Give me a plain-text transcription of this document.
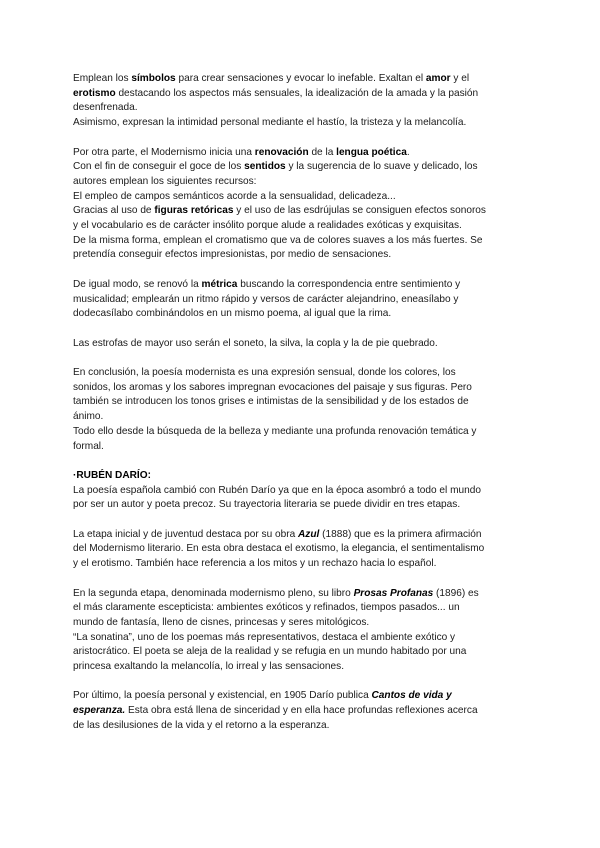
Emplean los símbolos para crear sensaciones y evocar lo inefable. Exaltan el amor y el
erotismo destacando los aspectos más sensuales, la idealización de la amada y la pasión
desenfrenada.
Asimismo, expresan la intimidad personal mediante el hastío, la tristeza y la melancolía.
Por otra parte, el Modernismo inicia una renovación de la lengua poética.
Con el fin de conseguir el goce de los sentidos y la sugerencia de lo suave y delicado, los
autores emplean los siguientes recursos:
El empleo de campos semánticos acorde a la sensualidad, delicadeza...
Gracias al uso de figuras retóricas y el uso de las esdrújulas se consiguen efectos sonoros
y el vocabulario es de carácter insólito porque alude a realidades exóticas y exquisitas.
De la misma forma, emplean el cromatismo que va de colores suaves a los más fuertes. Se
pretendía conseguir efectos impresionistas, por medio de sensaciones.
De igual modo, se renovó la métrica buscando la correspondencia entre sentimiento y
musicalidad; emplearán un ritmo rápido y versos de carácter alejandrino, eneasílabo y
dodecasílabo combinándolos en un mismo poema, al igual que la rima.
Las estrofas de mayor uso serán el soneto, la silva, la copla y la de pie quebrado.
En conclusión, la poesía modernista es una expresión sensual, donde los colores, los
sonidos, los aromas y los sabores impregnan evocaciones del paisaje y sus figuras. Pero
también se introducen los tonos grises e intimistas de la sensibilidad y de los estados de
ánimo.
Todo ello desde la búsqueda de la belleza y mediante una profunda renovación temática y
formal.
·RUBÉN DARÍO:
La poesía española cambió con Rubén Darío ya que en la época asombró a todo el mundo
por ser un autor y poeta precoz. Su trayectoria literaria se puede dividir en tres etapas.
La etapa inicial y de juventud destaca por su obra Azul (1888) que es la primera afirmación
del Modernismo literario. En esta obra destaca el exotismo, la elegancia, el sentimentalismo
y el erotismo. También hace referencia a los mitos y un rechazo hacia lo español.
En la segunda etapa, denominada modernismo pleno, su libro Prosas Profanas (1896) es
el más claramente escepticista: ambientes exóticos y refinados, tiempos pasados... un
mundo de fantasía, lleno de cisnes, princesas y seres mitológicos.
“La sonatina”, uno de los poemas más representativos, destaca el ambiente exótico y
aristocrático. El poeta se aleja de la realidad y se refugia en un mundo habitado por una
princesa exaltando la melancolía, lo irreal y las sensaciones.
Por último, la poesía personal y existencial, en 1905 Darío publica Cantos de vida y
esperanza. Esta obra está llena de sinceridad y en ella hace profundas reflexiones acerca
de las desilusiones de la vida y el retorno a la esperanza.
